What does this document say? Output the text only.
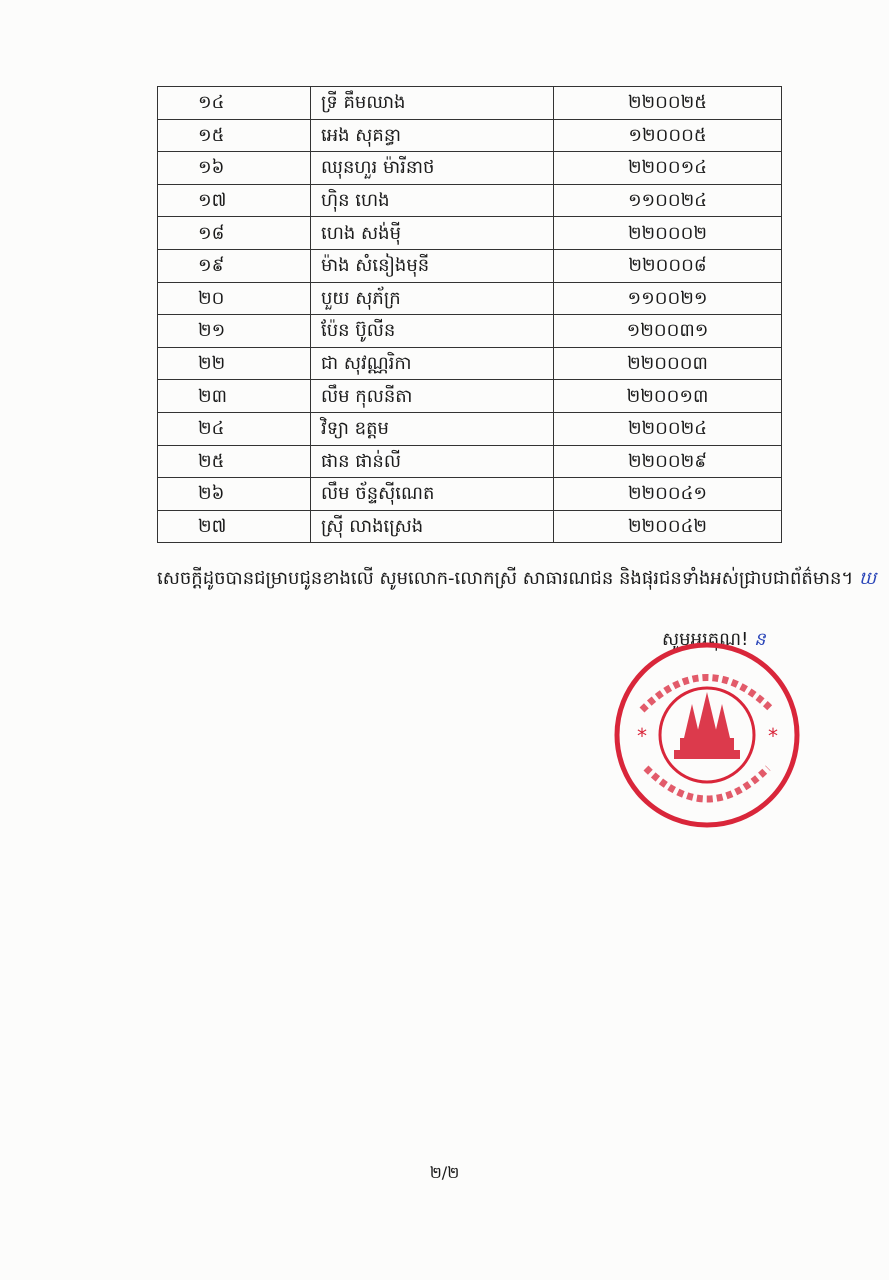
១៤	ទ្រី គឹមឈាង	២២០០២៥
១៥	អេង សុគន្ធា	១២០០០៥
១៦	ឈុនហួរ ម៉ារីនាថ	២២០០១៤
១៧	ហ៊ិន ហេង	១១០០២៤
១៨	ហេង សង់ម៉ី	២២០០០២
១៩	ម៉ាង សំនៀងមុនី	២២០០០៨
២០	បួយ សុភ័ក្រ	១១០០២១
២១	ប៉ែន ប៊ូលីន	១២០០៣១
២២	ជា សុវណ្ណរិកា	២២០០០៣
២៣	លឹម កុលនីតា	២២០០១៣
២៤	វិទ្យា ឧត្តម	២២០០២៤
២៥	ផាន ផាន់លី	២២០០២៩
២៦	លឹម ច័ន្ទស៊ីណេត	២២០០៤១
២៧	ស្រ៊ី លាងស្រេង	២២០០៤២
សេចក្ដីដូចបានជម្រាបជូនខាងលើ សូមលោក-លោកស្រី សាធារណជន និងផុរជនទាំងអស់ជ្រាបជាព័ត៌មាន។ ឃ
សូមអរគុណ! ន
*	*
២/២
